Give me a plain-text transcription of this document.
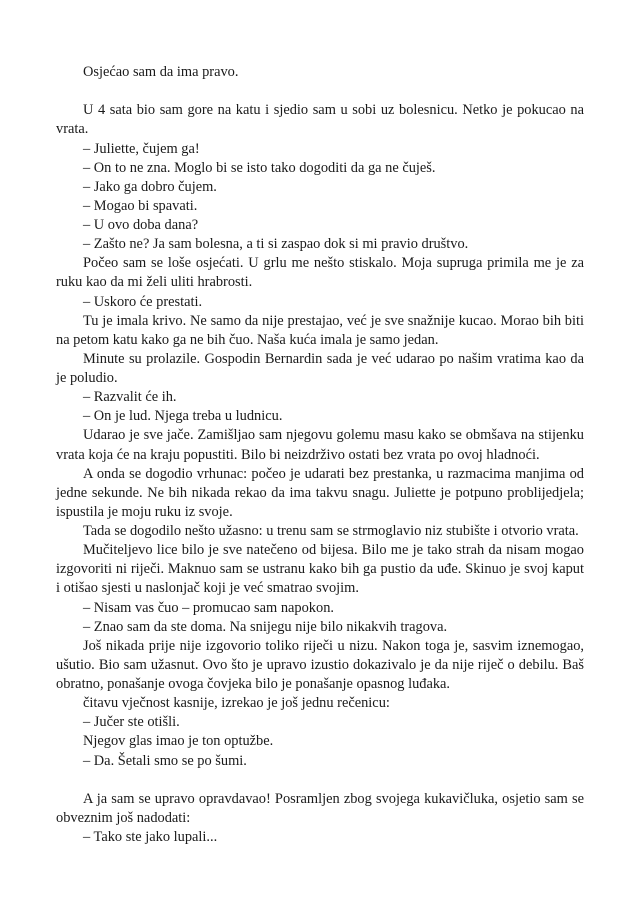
Osjećao sam da ima pravo.

U 4 sata bio sam gore na katu i sjedio sam u sobi uz bolesnicu. Netko je pokucao na vrata.

– Juliette, čujem ga!

– On to ne zna. Moglo bi se isto tako dogoditi da ga ne čuješ.

– Jako ga dobro čujem.

– Mogao bi spavati.

– U ovo doba dana?

– Zašto ne? Ja sam bolesna, a ti si zaspao dok si mi pravio društvo.

Počeo sam se loše osjećati. U grlu me nešto stiskalo. Moja supruga primila me je za ruku kao da mi želi uliti hrabrosti.

– Uskoro će prestati.

Tu je imala krivo. Ne samo da nije prestajao, već je sve snažnije kucao. Morao bih biti na petom katu kako ga ne bih čuo. Naša kuća imala je samo jedan.

Minute su prolazile. Gospodin Bernardin sada je već udarao po našim vratima kao da je poludio.

– Razvalit će ih.

– On je lud. Njega treba u ludnicu.

Udarao je sve jače. Zamišljao sam njegovu golemu masu kako se obmšava na stijenku vrata koja će na kraju popustiti. Bilo bi neizdrživo ostati bez vrata po ovoj hladnoći.

A onda se dogodio vrhunac: počeo je udarati bez prestanka, u razmacima manjima od jedne sekunde. Ne bih nikada rekao da ima takvu snagu. Juliette je potpuno problijedjela; ispustila je moju ruku iz svoje.

Tada se dogodilo nešto užasno: u trenu sam se strmoglavio niz stubište i otvorio vrata.

Mučiteljevo lice bilo je sve natečeno od bijesa. Bilo me je tako strah da nisam mogao izgovoriti ni riječi. Maknuo sam se ustranu kako bih ga pustio da uđe. Skinuo je svoj kaput i otišao sjesti u naslonjač koji je već smatrao svojim.

– Nisam vas čuo – promucao sam napokon.

– Znao sam da ste doma. Na snijegu nije bilo nikakvih tragova.

Još nikada prije nije izgovorio toliko riječi u nizu. Nakon toga je, sasvim iznemogao, ušutio. Bio sam užasnut. Ovo što je upravo izustio dokazivalo je da nije riječ o debilu. Baš obratno, ponašanje ovoga čovjeka bilo je ponašanje opasnog luđaka.

čitavu vječnost kasnije, izrekao je još jednu rečenicu:

– Jučer ste otišli.

Njegov glas imao je ton optužbe.

– Da. Šetali smo se po šumi.

A ja sam se upravo opravdavao! Posramljen zbog svojega kukavičluka, osjetio sam se obveznim još nadodati:

– Tako ste jako lupali...
